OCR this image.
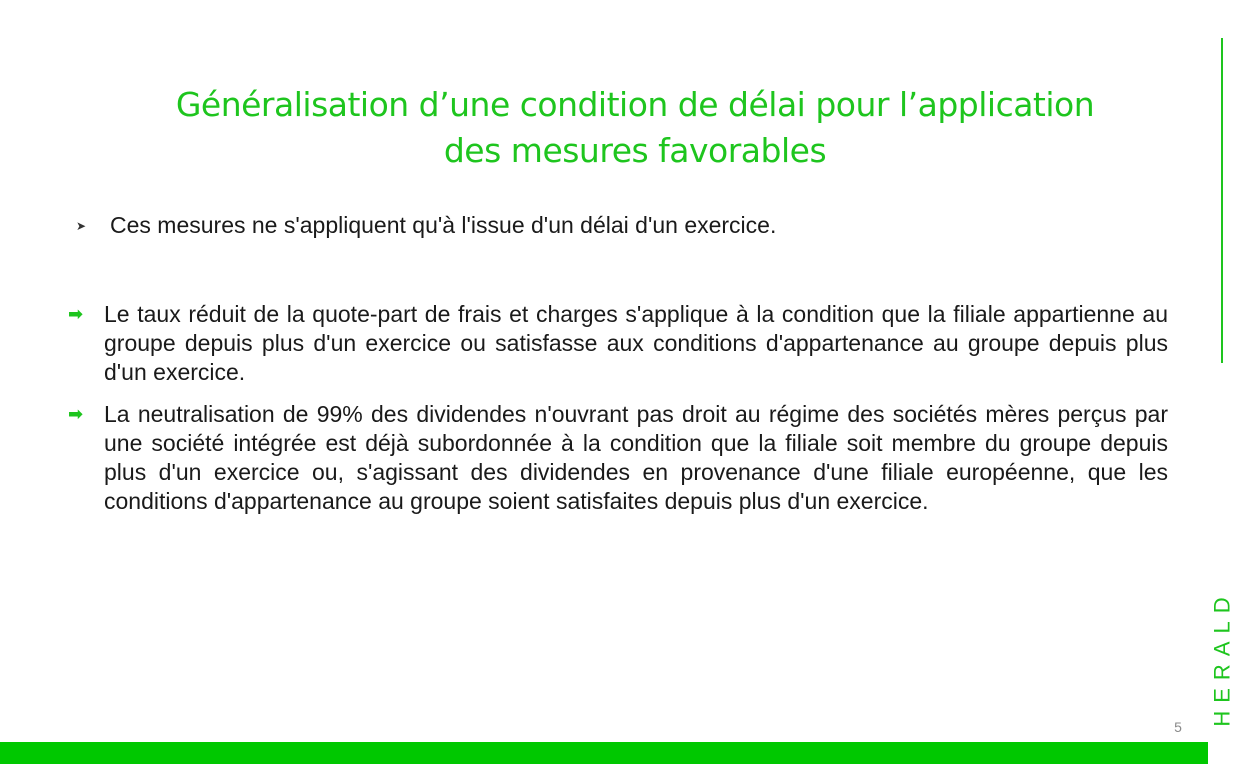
Généralisation d’une condition de délai pour l’application
des mesures favorables
➤	Ces mesures ne s'appliquent qu'à l'issue d'un délai d'un exercice.
➡ Le taux réduit de la quote-part de frais et charges s'applique à la condition que la filiale appartienne au groupe depuis plus d'un exercice ou satisfasse aux conditions d'appartenance au groupe depuis plus d'un exercice.
➡ La neutralisation de 99% des dividendes n'ouvrant pas droit au régime des sociétés mères perçus par une société intégrée est déjà subordonnée à la condition que la filiale soit membre du groupe depuis plus d'un exercice ou, s'agissant des dividendes en provenance d'une filiale européenne, que les conditions d'appartenance au groupe soient satisfaites depuis plus d'un exercice.
HERALD
5
